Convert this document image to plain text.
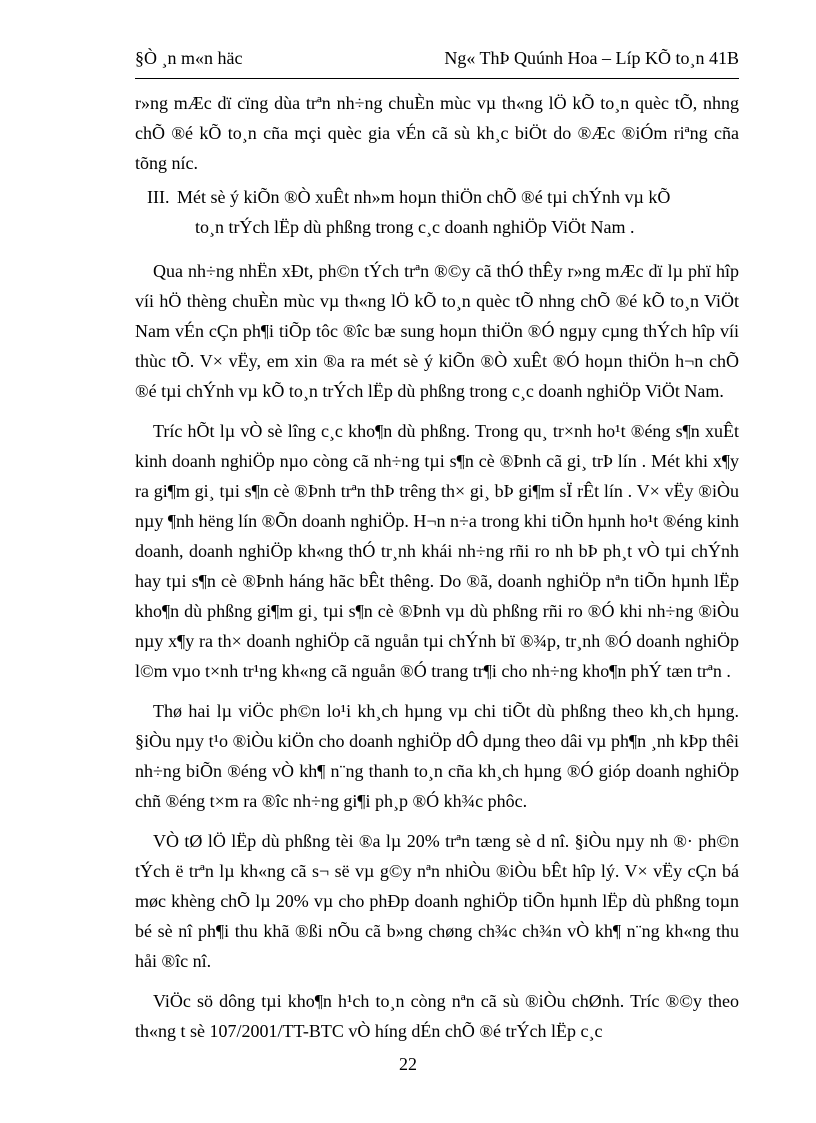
§Ò ¸n m«n häc	Ng« ThÞ Quúnh Hoa – Líp KÕ to¸n 41B

r»ng mÆc dï cïng dùa trªn nh÷ng chuÈn mùc vµ th«ng lÖ kÕ to¸n quèc tÕ, nhng chÕ ®é kÕ to¸n cña mçi quèc gia vÉn cã sù kh¸c biÖt do ®Æc ®iÓm riªng cña tõng níc.

III. Mét sè ý kiÕn ®Ò xuÊt nh»m hoµn thiÖn chÕ ®é tµi chÝnh vµ kÕ
to¸n trÝch lËp dù phßng trong c¸c doanh nghiÖp ViÖt Nam .

Qua nh÷ng nhËn xÐt, ph©n tÝch trªn ®©y cã thÓ thÊy r»ng mÆc dï lµ phï hîp víi hÖ thèng chuÈn mùc vµ th«ng lÖ kÕ to¸n quèc tÕ nhng chÕ ®é kÕ to¸n ViÖt Nam vÉn cÇn ph¶i tiÕp tôc ®îc bæ sung hoµn thiÖn ®Ó ngµy cµng thÝch hîp víi thùc tÕ. V× vËy, em xin ®a ra mét sè ý kiÕn ®Ò xuÊt ®Ó hoµn thiÖn h¬n chÕ ®é tµi chÝnh vµ kÕ to¸n trÝch lËp dù phßng trong c¸c doanh nghiÖp ViÖt Nam.

Tríc hÕt lµ vÒ sè lîng c¸c kho¶n dù phßng. Trong qu¸ tr×nh ho¹t ®éng s¶n xuÊt kinh doanh nghiÖp nµo còng cã nh÷ng tµi s¶n cè ®Þnh cã gi¸ trÞ lín . Mét khi x¶y ra gi¶m gi¸ tµi s¶n cè ®Þnh trªn thÞ trêng th× gi¸ bÞ gi¶m sÏ rÊt lín . V× vËy ®iÒu nµy ¶nh hëng lín ®Õn doanh nghiÖp. H¬n n÷a trong khi tiÕn hµnh ho¹t ®éng kinh doanh, doanh nghiÖp kh«ng thÓ tr¸nh khái nh÷ng rñi ro nh bÞ ph¸t vÒ tµi chÝnh hay tµi s¶n cè ®Þnh háng hãc bÊt thêng. Do ®ã, doanh nghiÖp nªn tiÕn hµnh lËp kho¶n dù phßng gi¶m gi¸ tµi s¶n cè ®Þnh vµ dù phßng rñi ro ®Ó khi nh÷ng ®iÒu nµy x¶y ra th× doanh nghiÖp cã nguån tµi chÝnh bï ®¾p, tr¸nh ®Ó doanh nghiÖp l©m vµo t×nh tr¹ng kh«ng cã nguån ®Ó trang tr¶i cho nh÷ng kho¶n phÝ tæn trªn .

Thø hai lµ viÖc ph©n lo¹i kh¸ch hµng vµ chi tiÕt dù phßng theo kh¸ch hµng. §iÒu nµy t¹o ®iÒu kiÖn cho doanh nghiÖp dÔ dµng theo dâi vµ ph¶n ¸nh kÞp thêi nh÷ng biÕn ®éng vÒ kh¶ n¨ng thanh to¸n cña kh¸ch hµng ®Ó gióp doanh nghiÖp chñ ®éng t×m ra ®îc nh÷ng gi¶i ph¸p ®Ó kh¾c phôc.

VÒ tØ lÖ lËp dù phßng tèi ®a lµ 20% trªn tæng sè d nî. §iÒu nµy nh ®· ph©n tÝch ë trªn lµ kh«ng cã s¬ së vµ g©y nªn nhiÒu ®iÒu bÊt hîp lý. V× vËy cÇn bá møc khèng chÕ lµ 20% vµ cho phÐp doanh nghiÖp tiÕn hµnh lËp dù phßng toµn bé sè nî ph¶i thu khã ®ßi nÕu cã b»ng chøng ch¾c ch¾n vÒ kh¶ n¨ng kh«ng thu håi ®îc nî.

ViÖc sö dông tµi kho¶n h¹ch to¸n còng nªn cã sù ®iÒu chØnh. Tríc ®©y theo th«ng t sè 107/2001/TT-BTC vÒ híng dÉn chÕ ®é trÝch lËp c¸c

22
